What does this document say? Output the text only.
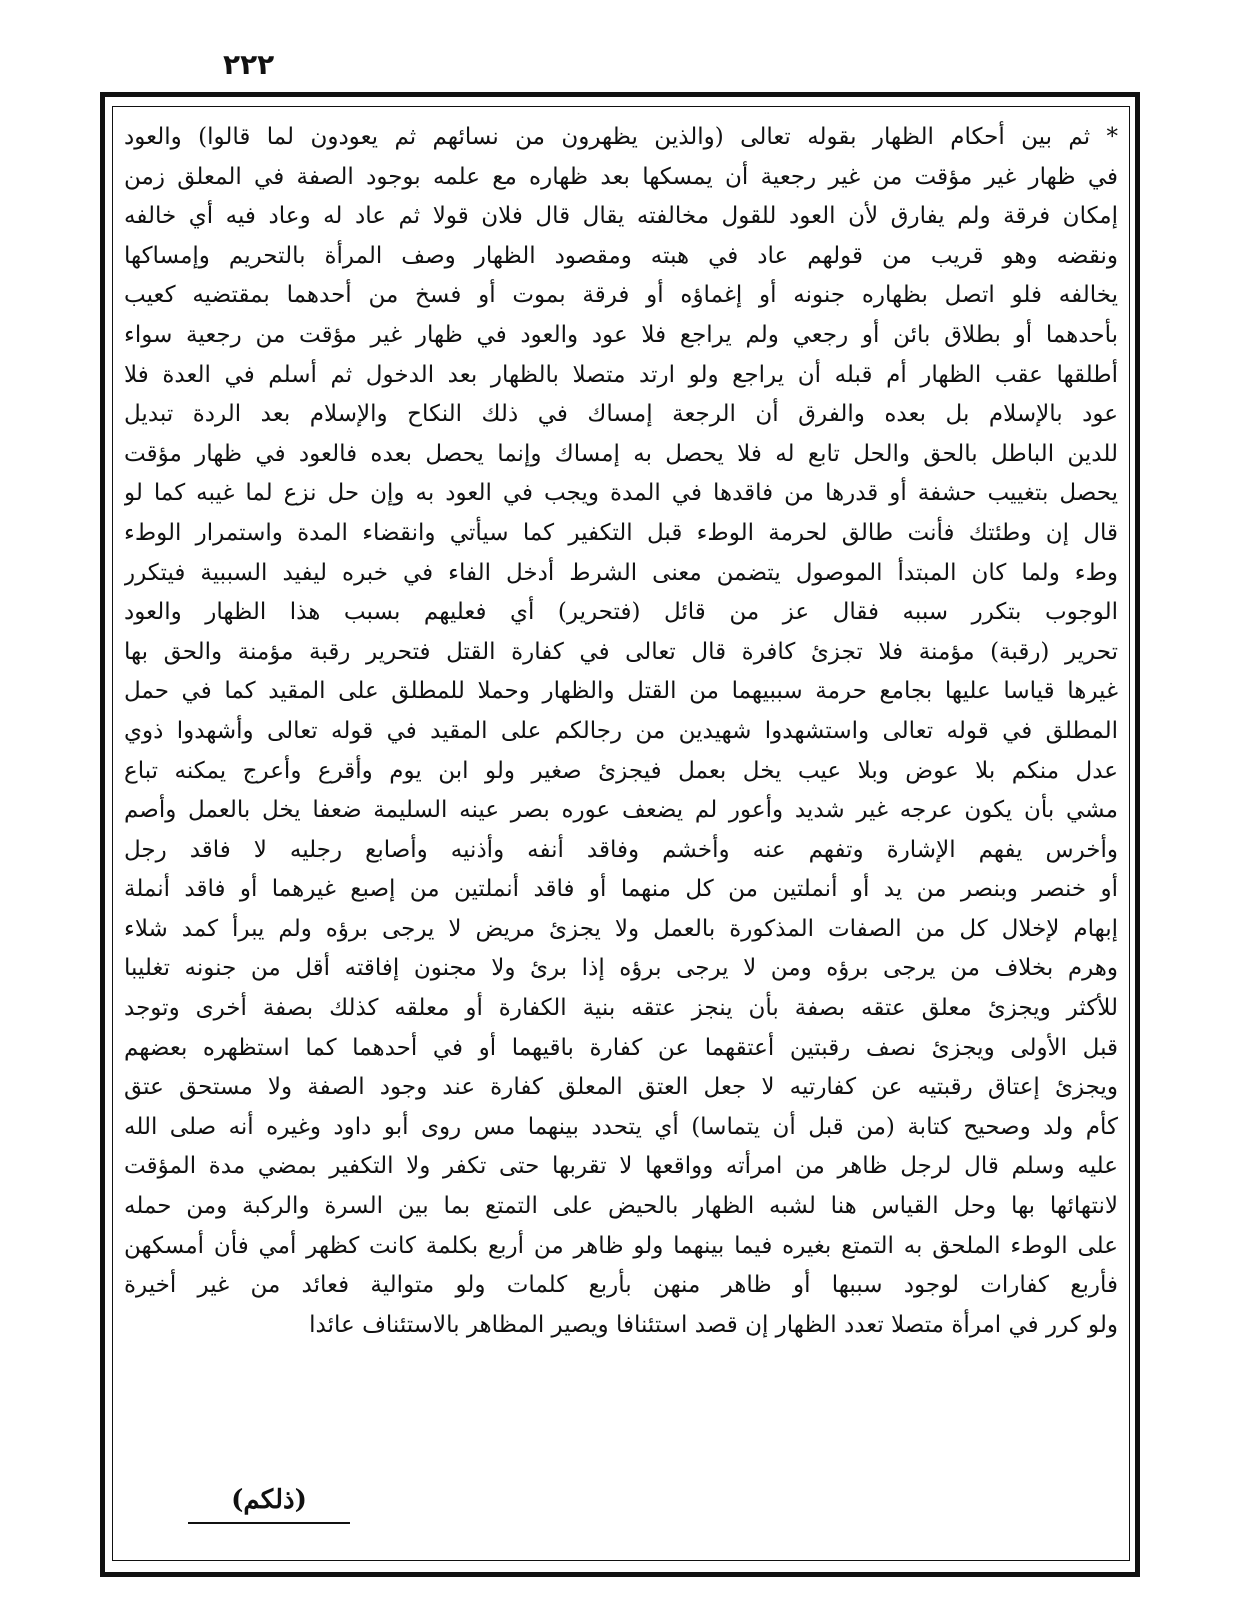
٢٢٢
* ثم بين أحكام الظهار بقوله تعالى (والذين يظهرون من نسائهم ثم يعودون لما قالوا) والعود
في ظهار غير مؤقت من غير رجعية أن يمسكها بعد ظهاره مع علمه بوجود الصفة في المعلق زمن
إمكان فرقة ولم يفارق لأن العود للقول مخالفته يقال قال فلان قولا ثم عاد له وعاد فيه أي خالفه
ونقضه وهو قريب من قولهم عاد في هبته ومقصود الظهار وصف المرأة بالتحريم وإمساكها
يخالفه فلو اتصل بظهاره جنونه أو إغماؤه أو فرقة بموت أو فسخ من أحدهما بمقتضيه كعيب
بأحدهما أو بطلاق بائن أو رجعي ولم يراجع فلا عود والعود في ظهار غير مؤقت من رجعية سواء
أطلقها عقب الظهار أم قبله أن يراجع ولو ارتد متصلا بالظهار بعد الدخول ثم أسلم في العدة فلا
عود بالإسلام بل بعده والفرق أن الرجعة إمساك في ذلك النكاح والإسلام بعد الردة تبديل
للدين الباطل بالحق والحل تابع له فلا يحصل به إمساك وإنما يحصل بعده فالعود في ظهار مؤقت
يحصل بتغييب حشفة أو قدرها من فاقدها في المدة ويجب في العود به وإن حل نزع لما غيبه كما لو
قال إن وطئتك فأنت طالق لحرمة الوطء قبل التكفير كما سيأتي وانقضاء المدة واستمرار الوطء
وطء ولما كان المبتدأ الموصول يتضمن معنى الشرط أدخل الفاء في خبره ليفيد السببية فيتكرر
الوجوب بتكرر سببه فقال عز من قائل (فتحرير) أي فعليهم بسبب هذا الظهار والعود
تحرير (رقبة) مؤمنة فلا تجزئ كافرة قال تعالى في كفارة القتل فتحرير رقبة مؤمنة والحق بها
غيرها قياسا عليها بجامع حرمة سببيهما من القتل والظهار وحملا للمطلق على المقيد كما في حمل
المطلق في قوله تعالى واستشهدوا شهيدين من رجالكم على المقيد في قوله تعالى وأشهدوا ذوي
عدل منكم بلا عوض وبلا عيب يخل بعمل فيجزئ صغير ولو ابن يوم وأقرع وأعرج يمكنه تباع
مشي بأن يكون عرجه غير شديد وأعور لم يضعف عوره بصر عينه السليمة ضعفا يخل بالعمل وأصم
وأخرس يفهم الإشارة وتفهم عنه وأخشم وفاقد أنفه وأذنيه وأصابع رجليه لا فاقد رجل
أو خنصر وبنصر من يد أو أنملتين من كل منهما أو فاقد أنملتين من إصبع غيرهما أو فاقد أنملة
إبهام لإخلال كل من الصفات المذكورة بالعمل ولا يجزئ مريض لا يرجى برؤه ولم يبرأ كمد شلاء
وهرم بخلاف من يرجى برؤه ومن لا يرجى برؤه إذا برئ ولا مجنون إفاقته أقل من جنونه تغليبا
للأكثر ويجزئ معلق عتقه بصفة بأن ينجز عتقه بنية الكفارة أو معلقه كذلك بصفة أخرى وتوجد
قبل الأولى ويجزئ نصف رقبتين أعتقهما عن كفارة باقيهما أو في أحدهما كما استظهره بعضهم
ويجزئ إعتاق رقبتيه عن كفارتيه لا جعل العتق المعلق كفارة عند وجود الصفة ولا مستحق عتق
كأم ولد وصحيح كتابة (من قبل أن يتماسا) أي يتحدد بينهما مس روى أبو داود وغيره أنه صلى الله
عليه وسلم قال لرجل ظاهر من امرأته وواقعها لا تقربها حتى تكفر ولا التكفير بمضي مدة المؤقت
لانتهائها بها وحل القياس هنا لشبه الظهار بالحيض على التمتع بما بين السرة والركبة ومن حمله
على الوطء الملحق به التمتع بغيره فيما بينهما ولو ظاهر من أربع بكلمة كانت كظهر أمي فأن أمسكهن
فأربع كفارات لوجود سببها أو ظاهر منهن بأربع كلمات ولو متوالية فعائد من غير أخيرة
ولو كرر في امرأة متصلا تعدد الظهار إن قصد استئنافا ويصير المظاهر بالاستئناف عائدا
(ذلكم)
